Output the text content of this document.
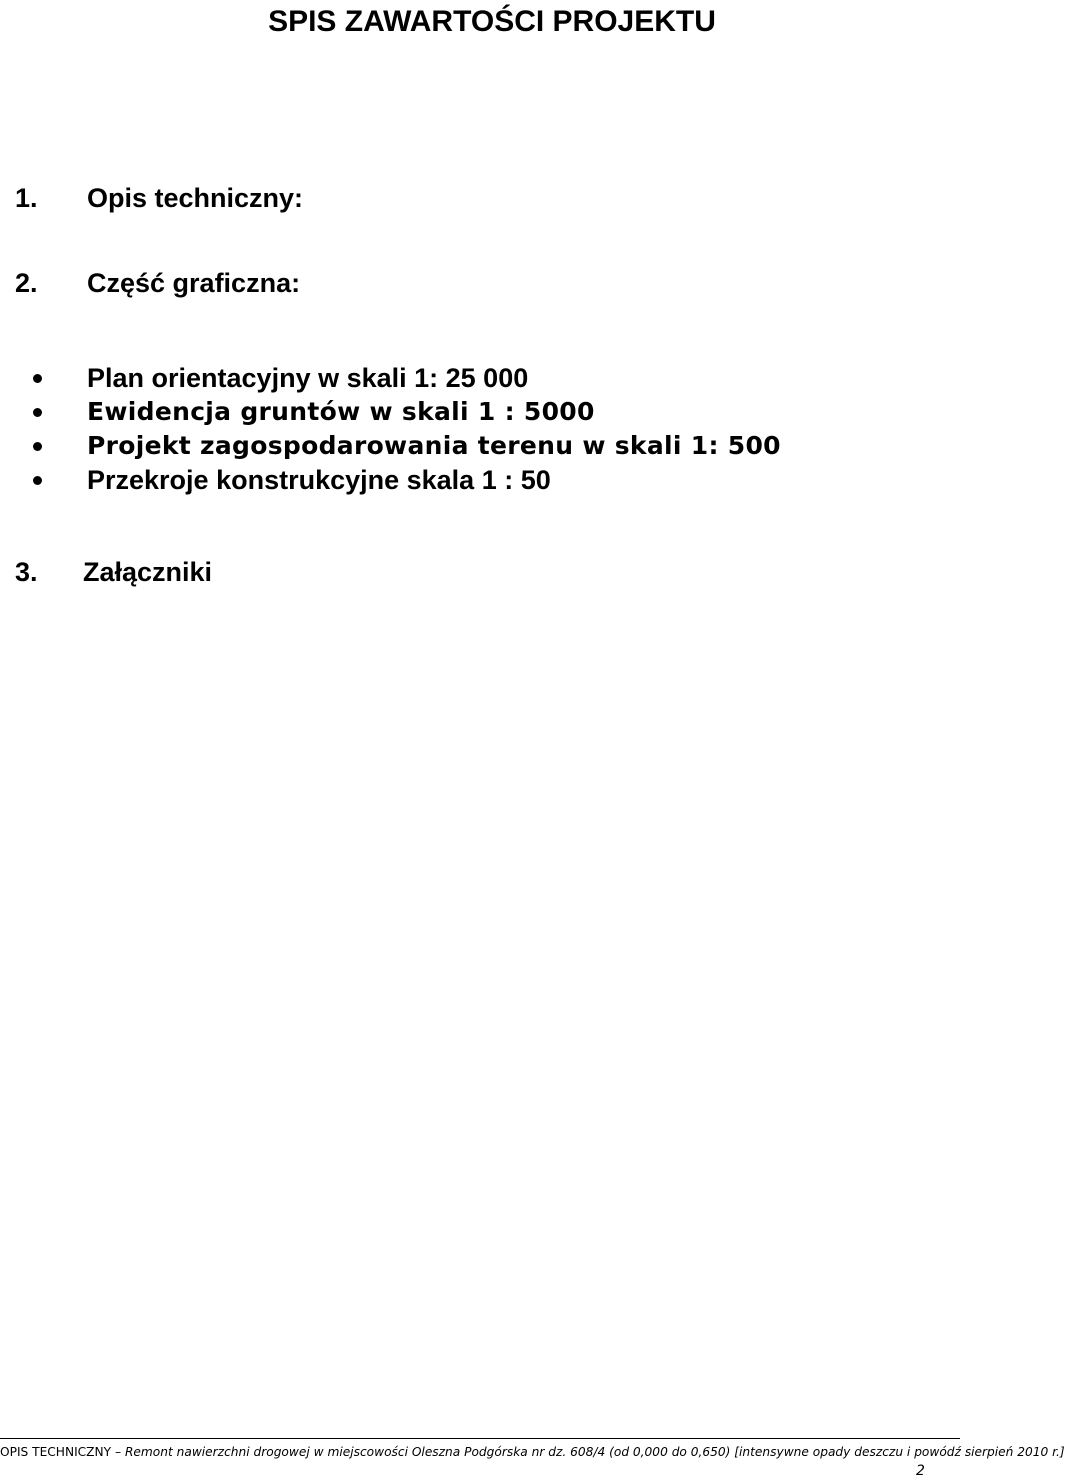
SPIS ZAWARTOŚCI PROJEKTU
1. Opis techniczny:
2. Część graficzna:
Plan orientacyjny w skali 1: 25 000
Ewidencja gruntów w skali 1 : 5000
Projekt zagospodarowania terenu w skali 1: 500
Przekroje konstrukcyjne skala 1 : 50
3. Załączniki
OPIS TECHNICZNY – Remont nawierzchni drogowej w miejscowości Oleszna Podgórska nr dz. 608/4 (od 0,000 do 0,650) [intensywne opady deszczu i powódź sierpień 2010 r.]
2
